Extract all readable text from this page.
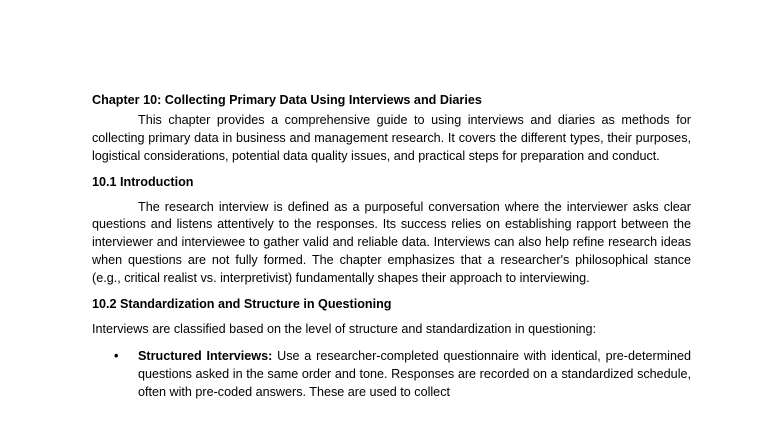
Chapter 10: Collecting Primary Data Using Interviews and Diaries

This chapter provides a comprehensive guide to using interviews and diaries as methods for collecting primary data in business and management research. It covers the different types, their purposes, logistical considerations, potential data quality issues, and practical steps for preparation and conduct.

10.1 Introduction

The research interview is defined as a purposeful conversation where the interviewer asks clear questions and listens attentively to the responses. Its success relies on establishing rapport between the interviewer and interviewee to gather valid and reliable data. Interviews can also help refine research ideas when questions are not fully formed. The chapter emphasizes that a researcher's philosophical stance (e.g., critical realist vs. interpretivist) fundamentally shapes their approach to interviewing.

10.2 Standardization and Structure in Questioning

Interviews are classified based on the level of structure and standardization in questioning:

• Structured Interviews: Use a researcher-completed questionnaire with identical, pre-determined questions asked in the same order and tone. Responses are recorded on a standardized schedule, often with pre-coded answers. These are used to collect
